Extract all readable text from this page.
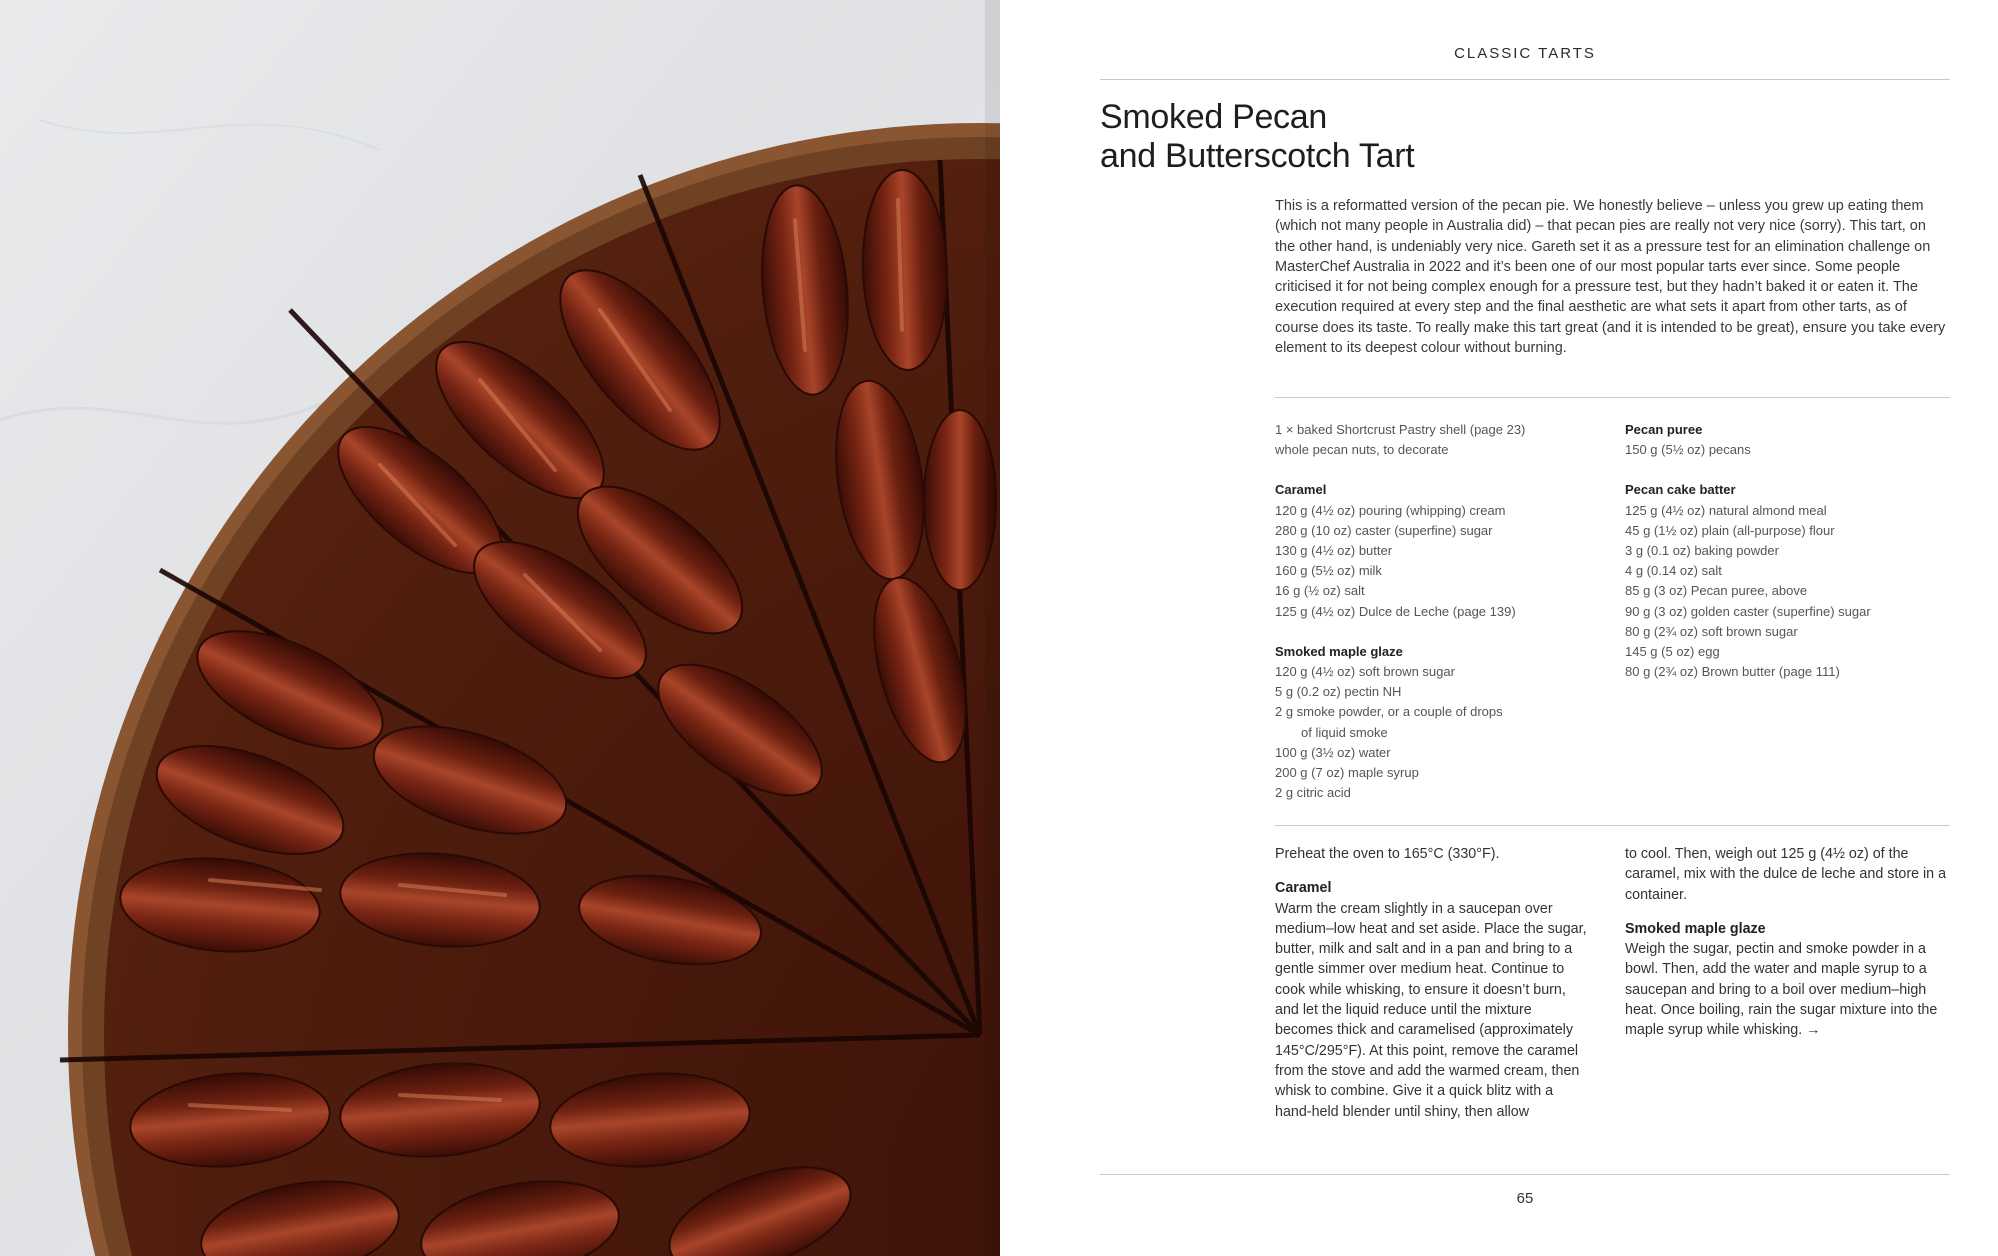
CLASSIC TARTS
Smoked Pecan
and Butterscotch Tart

This is a reformatted version of the pecan pie. We honestly believe – unless you grew up eating them (which not many people in Australia did) – that pecan pies are really not very nice (sorry). This tart, on the other hand, is undeniably very nice. Gareth set it as a pressure test for an elimination challenge on MasterChef Australia in 2022 and it’s been one of our most popular tarts ever since. Some people criticised it for not being complex enough for a pressure test, but they hadn’t baked it or eaten it. The execution required at every step and the final aesthetic are what sets it apart from other tarts, as of course does its taste. To really make this tart great (and it is intended to be great), ensure you take every element to its deepest colour without burning.

1 × baked Shortcrust Pastry shell (page 23)
whole pecan nuts, to decorate
Caramel
120 g (4½ oz) pouring (whipping) cream
280 g (10 oz) caster (superfine) sugar
130 g (4½ oz) butter
160 g (5½ oz) milk
16 g (½ oz) salt
125 g (4½ oz) Dulce de Leche (page 139)
Smoked maple glaze
120 g (4½ oz) soft brown sugar
5 g (0.2 oz) pectin NH
2 g smoke powder, or a couple of drops
of liquid smoke
100 g (3½ oz) water
200 g (7 oz) maple syrup
2 g citric acid
Pecan puree
150 g (5½ oz) pecans
Pecan cake batter
125 g (4½ oz) natural almond meal
45 g (1½ oz) plain (all-purpose) flour
3 g (0.1 oz) baking powder
4 g (0.14 oz) salt
85 g (3 oz) Pecan puree, above
90 g (3 oz) golden caster (superfine) sugar
80 g (2¾ oz) soft brown sugar
145 g (5 oz) egg
80 g (2¾ oz) Brown butter (page 111)

Preheat the oven to 165°C (330°F).

Caramel

Warm the cream slightly in a saucepan over medium–low heat and set aside. Place the sugar, butter, milk and salt and in a pan and bring to a gentle simmer over medium heat. Continue to cook while whisking, to ensure it doesn’t burn, and let the liquid reduce until the mixture becomes thick and caramelised (approximately 145°C/295°F). At this point, remove the caramel from the stove and add the warmed cream, then whisk to combine. Give it a quick blitz with a hand-held blender until shiny, then allow

to cool. Then, weigh out 125 g (4½ oz) of the caramel, mix with the dulce de leche and store in a container.

Smoked maple glaze

Weigh the sugar, pectin and smoke powder in a bowl. Then, add the water and maple syrup to a saucepan and bring to a boil over medium–high heat. Once boiling, rain the sugar mixture into the maple syrup while whisking. →

65
